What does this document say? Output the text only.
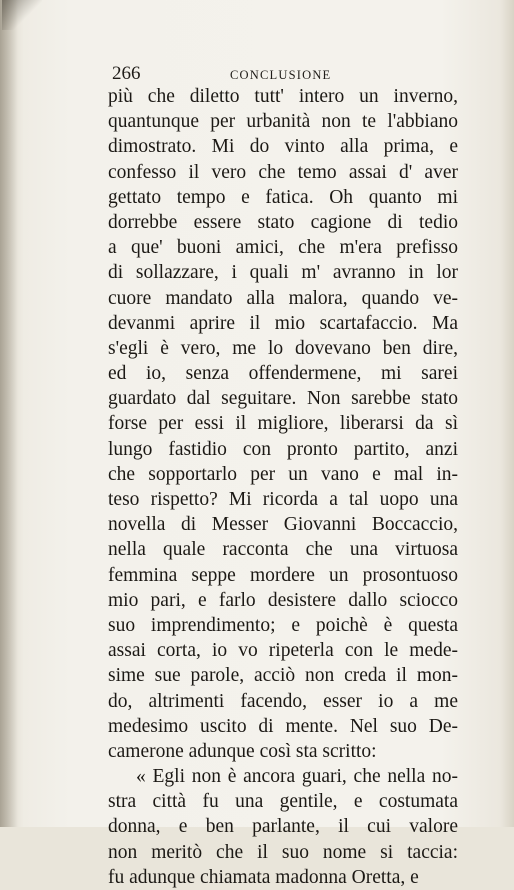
266	CONCLUSIONE
più che diletto tutt' intero un inverno,
quantunque per urbanità non te l'abbiano
dimostrato. Mi do vinto alla prima, e
confesso il vero che temo assai d' aver
gettato tempo e fatica. Oh quanto mi
dorrebbe essere stato cagione di tedio
a que' buoni amici, che m'era prefisso
di sollazzare, i quali m' avranno in lor
cuore mandato alla malora, quando ve-
devanmi aprire il mio scartafaccio. Ma
s'egli è vero, me lo dovevano ben dire,
ed io, senza offendermene, mi sarei
guardato dal seguitare. Non sarebbe stato
forse per essi il migliore, liberarsi da sì
lungo fastidio con pronto partito, anzi
che sopportarlo per un vano e mal in-
teso rispetto? Mi ricorda a tal uopo una
novella di Messer Giovanni Boccaccio,
nella quale racconta che una virtuosa
femmina seppe mordere un prosontuoso
mio pari, e farlo desistere dallo sciocco
suo imprendimento; e poichè è questa
assai corta, io vo ripeterla con le mede-
sime sue parole, acciò non creda il mon-
do, altrimenti facendo, esser io a me
medesimo uscito di mente. Nel suo De-
camerone adunque così sta scritto:
« Egli non è ancora guari, che nella no-
stra città fu una gentile, e costumata
donna, e ben parlante, il cui valore
non meritò che il suo nome si taccia:
fu adunque chiamata madonna Oretta, e
